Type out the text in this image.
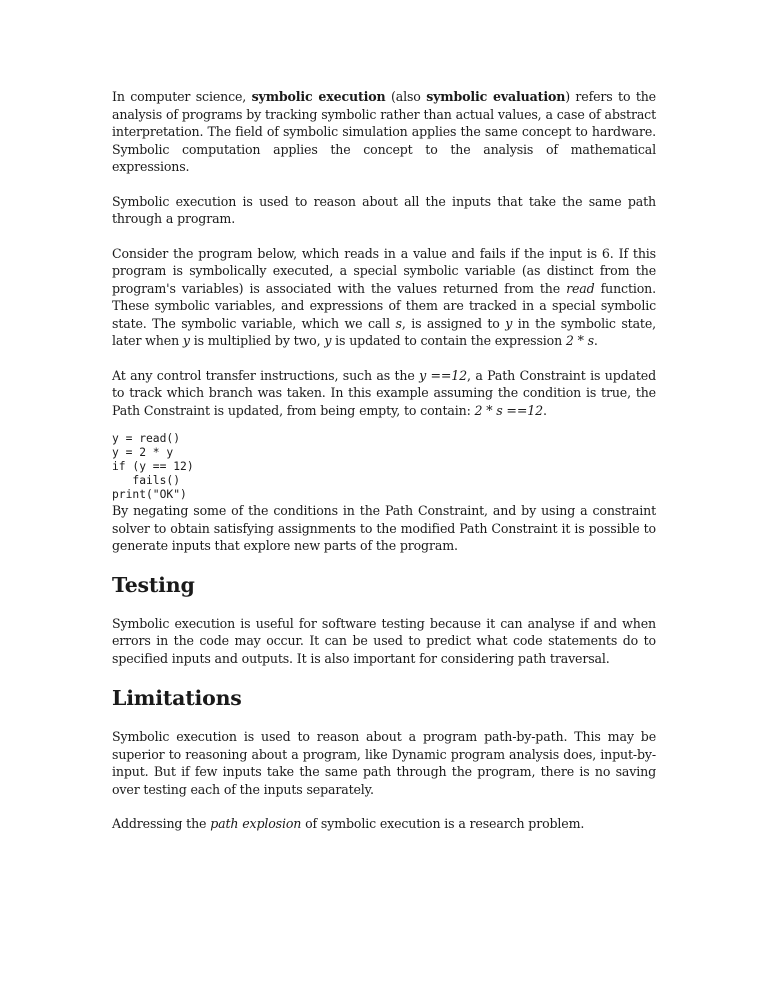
In computer science, symbolic execution (also symbolic evaluation) refers to the analysis of programs by tracking symbolic rather than actual values, a case of abstract interpretation. The field of symbolic simulation applies the same concept to hardware. Symbolic computation applies the concept to the analysis of mathematical expressions.

Symbolic execution is used to reason about all the inputs that take the same path through a program.

Consider the program below, which reads in a value and fails if the input is 6. If this program is symbolically executed, a special symbolic variable (as distinct from the program's variables) is associated with the values returned from the read function. These symbolic variables, and expressions of them are tracked in a special symbolic state. The symbolic variable, which we call s, is assigned to y in the symbolic state, later when y is multiplied by two, y is updated to contain the expression 2 * s.

At any control transfer instructions, such as the y ==12, a Path Constraint is updated to track which branch was taken. In this example assuming the condition is true, the Path Constraint is updated, from being empty, to contain: 2 * s ==12.

y = read()
y = 2 * y
if (y == 12)
fails()
print("OK")

By negating some of the conditions in the Path Constraint, and by using a constraint solver to obtain satisfying assignments to the modified Path Constraint it is possible to generate inputs that explore new parts of the program.

Testing

Symbolic execution is useful for software testing because it can analyse if and when errors in the code may occur. It can be used to predict what code statements do to specified inputs and outputs. It is also important for considering path traversal.

Limitations

Symbolic execution is used to reason about a program path-by-path. This may be superior to reasoning about a program, like Dynamic program analysis does, input-by-input. But if few inputs take the same path through the program, there is no saving over testing each of the inputs separately.

Addressing the path explosion of symbolic execution is a research problem.
